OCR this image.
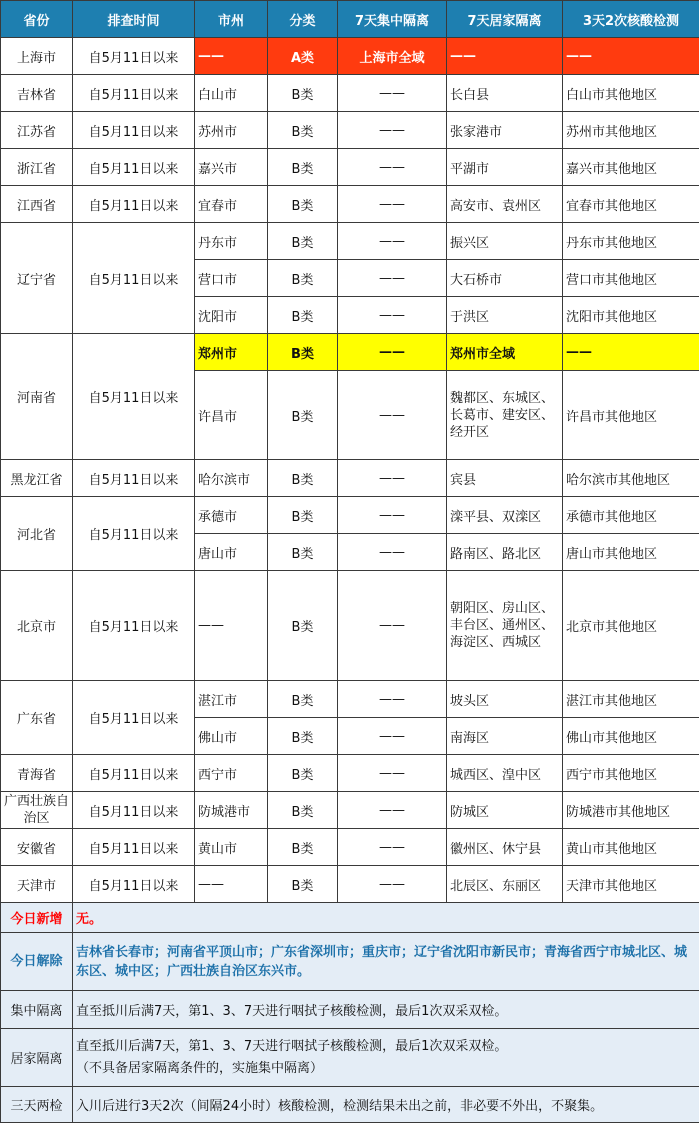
省份	排查时间	市州	分类	7天集中隔离	7天居家隔离	3天2次核酸检测
上海市	自5月11日以来	——	A类	上海市全域	——	——
吉林省	自5月11日以来	白山市	B类	——	长白县	白山市其他地区
江苏省	自5月11日以来	苏州市	B类	——	张家港市	苏州市其他地区
浙江省	自5月11日以来	嘉兴市	B类	——	平湖市	嘉兴市其他地区
江西省	自5月11日以来	宜春市	B类	——	高安市、袁州区	宜春市其他地区
辽宁省	自5月11日以来	丹东市	B类	——	振兴区	丹东市其他地区
		营口市	B类	——	大石桥市	营口市其他地区
		沈阳市	B类	——	于洪区	沈阳市其他地区
河南省	自5月11日以来	郑州市	B类	——	郑州市全域	——
		许昌市	B类	——	魏都区、东城区、长葛市、建安区、经开区	许昌市其他地区
黑龙江省	自5月11日以来	哈尔滨市	B类	——	宾县	哈尔滨市其他地区
河北省	自5月11日以来	承德市	B类	——	滦平县、双滦区	承德市其他地区
		唐山市	B类	——	路南区、路北区	唐山市其他地区
北京市	自5月11日以来	——	B类	——	朝阳区、房山区、丰台区、通州区、海淀区、西城区	北京市其他地区
广东省	自5月11日以来	湛江市	B类	——	坡头区	湛江市其他地区
		佛山市	B类	——	南海区	佛山市其他地区
青海省	自5月11日以来	西宁市	B类	——	城西区、湟中区	西宁市其他地区
广西壮族自治区	自5月11日以来	防城港市	B类	——	防城区	防城港市其他地区
安徽省	自5月11日以来	黄山市	B类	——	徽州区、休宁县	黄山市其他地区
天津市	自5月11日以来	——	B类	——	北辰区、东丽区	天津市其他地区
今日新增	无。					
今日解除	吉林省长春市；河南省平顶山市；广东省深圳市；重庆市；辽宁省沈阳市新民市；青海省西宁市城北区、城东区、城中区；广西壮族自治区东兴市。					
集中隔离	直至抵川后满7天，第1、3、7天进行咽拭子核酸检测，最后1次双采双检。					
居家隔离	直至抵川后满7天，第1、3、7天进行咽拭子核酸检测，最后1次双采双检。
（不具备居家隔离条件的，实施集中隔离）					

三天两检	入川后进行3天2次（间隔24小时）核酸检测，检测结果未出之前，非必要不外出，不聚集。					
